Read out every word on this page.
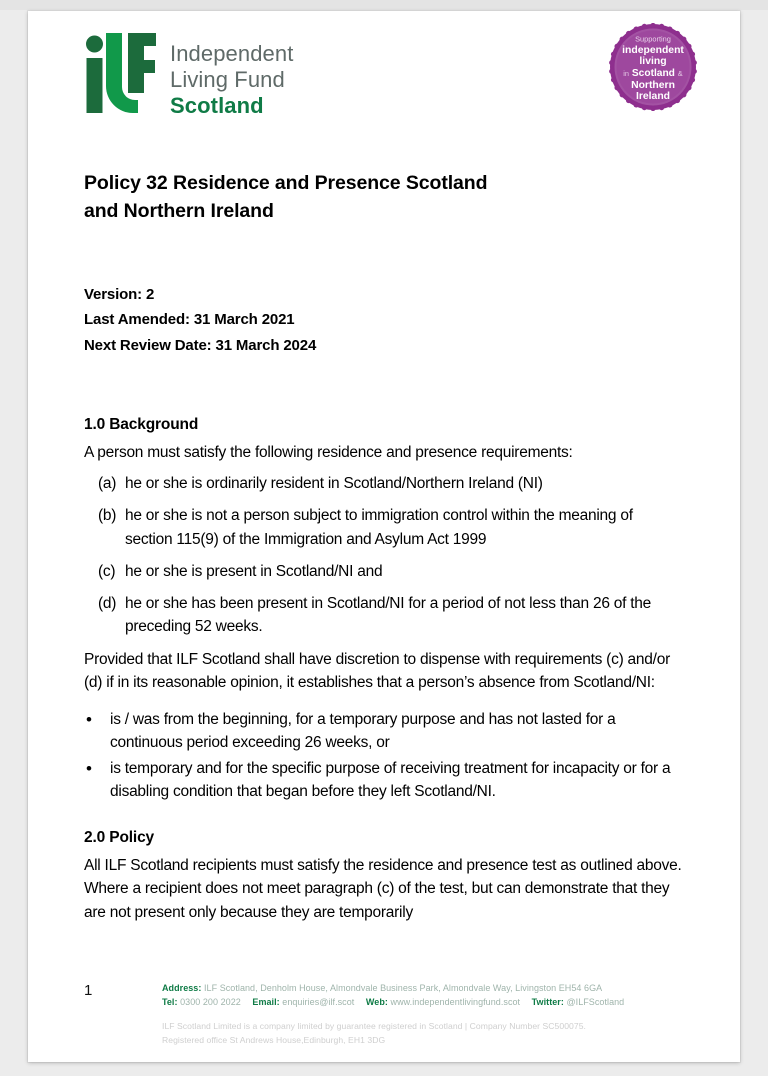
Independent
Living Fund
Scotland
Supporting
independent
living
in Scotland &
Northern
Ireland
Policy 32 Residence and Presence Scotland
and Northern Ireland
Version: 2
Last Amended: 31 March 2021
Next Review Date: 31 March 2024
1.0 Background

A person must satisfy the following residence and presence requirements:

(a) he or she is ordinarily resident in Scotland/Northern Ireland (NI)
(b) he or she is not a person subject to immigration control within the meaning of section 115(9) of the Immigration and Asylum Act 1999
(c) he or she is present in Scotland/NI and
(d) he or she has been present in Scotland/NI for a period of not less than 26 of the preceding 52 weeks.

Provided that ILF Scotland shall have discretion to dispense with requirements (c) and/or (d) if in its reasonable opinion, it establishes that a person’s absence from Scotland/NI:

•	is / was from the beginning, for a temporary purpose and has not lasted for a continuous period exceeding 26 weeks, or
•	is temporary and for the specific purpose of receiving treatment for incapacity or for a disabling condition that began before they left Scotland/NI.
2.0 Policy

All ILF Scotland recipients must satisfy the residence and presence test as outlined above. Where a recipient does not meet paragraph (c) of the test, but can demonstrate that they are not present only because they are temporarily

1	Address: ILF Scotland, Denholm House, Almondvale Business Park, Almondvale Way, Livingston EH54 6GA
Tel: 0300 200 2022 Email: enquiries@ilf.scot Web: www.independentlivingfund.scot Twitter: @ILFScotland
ILF Scotland Limited is a company limited by guarantee registered in Scotland | Company Number SC500075.
Registered office St Andrews House,Edinburgh, EH1 3DG
